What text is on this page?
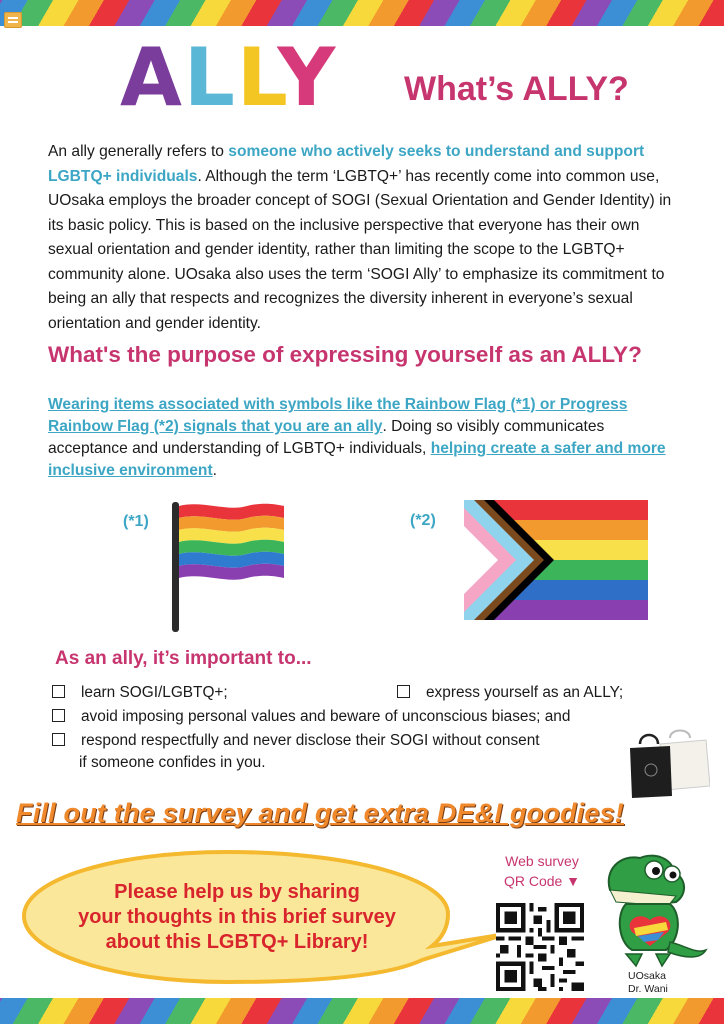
ALLY What’s ALLY?

An ally generally refers to someone who actively seeks to understand and support LGBTQ+ individuals. Although the term ‘LGBTQ+’ has recently come into common use, UOsaka employs the broader concept of SOGI (Sexual Orientation and Gender Identity) in its basic policy. This is based on the inclusive perspective that everyone has their own sexual orientation and gender identity, rather than limiting the scope to the LGBTQ+ community alone. UOsaka also uses the term ‘SOGI Ally’ to emphasize its commitment to being an ally that respects and recognizes the diversity inherent in everyone’s sexual orientation and gender identity.

What's the purpose of expressing yourself as an ALLY?

Wearing items associated with symbols like the Rainbow Flag (*1) or Progress Rainbow Flag (*2) signals that you are an ally. Doing so visibly communicates acceptance and understanding of LGBTQ+ individuals, helping create a safer and more inclusive environment.

(*1)	(*2)
As an ally, it’s important to...
learn SOGI/LGBTQ+;	express yourself as an ALLY;
avoid imposing personal values and beware of unconscious biases; and
respond respectfully and never disclose their SOGI without consent
if someone confides in you.
Fill out the survey and get extra DE&I goodies!
Please help us by sharing
your thoughts in this brief survey
about this LGBTQ+ Library!
Web survey
QR Code ▼
UOsaka
Dr. Wani
